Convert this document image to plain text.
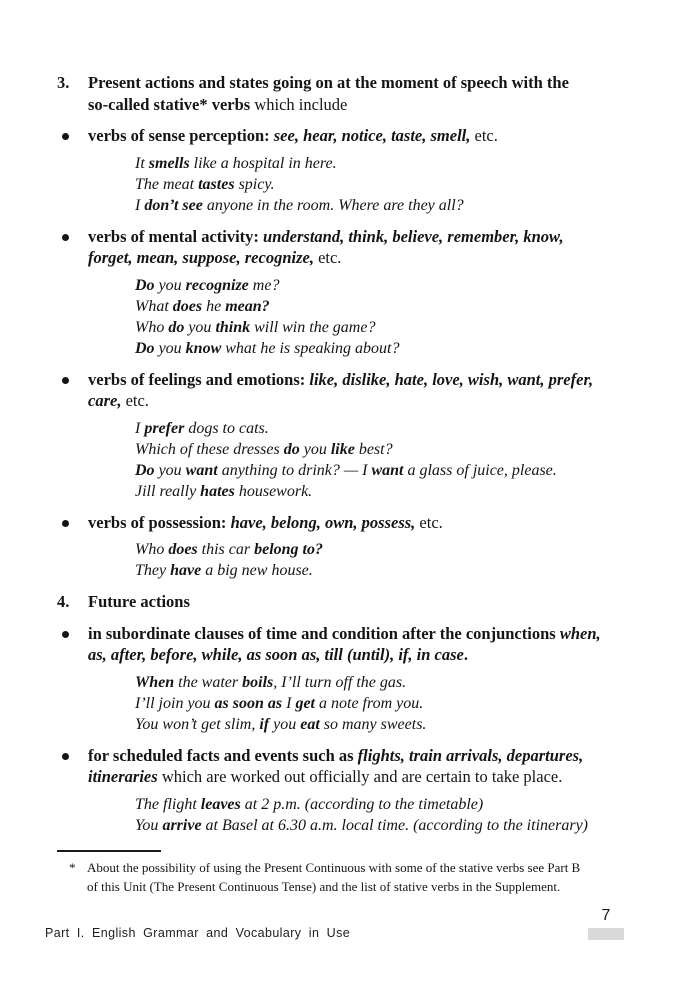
3.	Present actions and states going on at the moment of speech with the
so-called stative* verbs which include
verbs of sense perception: see, hear, notice, taste, smell, etc.
It smells like a hospital in here.
The meat tastes spicy.
I don’t see anyone in the room. Where are they all?
verbs of mental activity: understand, think, believe, remember, know,
forget, mean, suppose, recognize, etc.
Do you recognize me?
What does he mean?
Who do you think will win the game?
Do you know what he is speaking about?
verbs of feelings and emotions: like, dislike, hate, love, wish, want, prefer,
care, etc.
I prefer dogs to cats.
Which of these dresses do you like best?
Do you want anything to drink? — I want a glass of juice, please.
Jill really hates housework.
verbs of possession: have, belong, own, possess, etc.
Who does this car belong to?
They have a big new house.
4.	Future actions
in subordinate clauses of time and condition after the conjunctions when,
as, after, before, while, as soon as, till (until), if, in case.
When the water boils, I’ll turn off the gas.
I’ll join you as soon as I get a note from you.
You won’t get slim, if you eat so many sweets.
for scheduled facts and events such as flights, train arrivals, departures,
itineraries which are worked out officially and are certain to take place.
The flight leaves at 2 p.m. (according to the timetable)
You arrive at Basel at 6.30 a.m. local time. (according to the itinerary)
* About the possibility of using the Present Continuous with some of the stative verbs see Part B
of this Unit (The Present Continuous Tense) and the list of stative verbs in the Supplement.
Part I. English Grammar and Vocabulary in Use
7
